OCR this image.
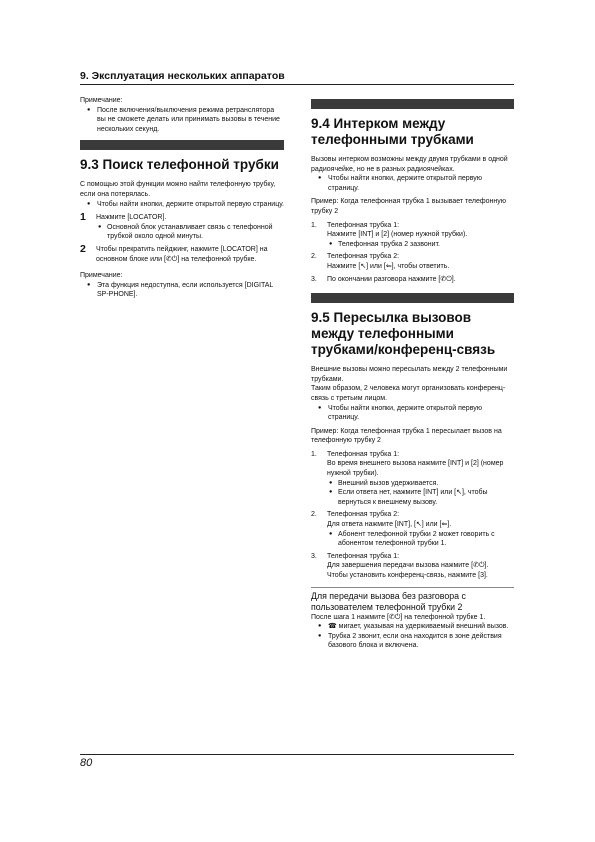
9. Эксплуатация нескольких аппаратов

Примечание:

● После включения/выключения режима ретранслятора вы не сможете делать или принимать вызовы в течение нескольких секунд.

9.3 Поиск телефонной трубки

С помощью этой функции можно найти телефонную трубку, если она потерялась.

● Чтобы найти кнопки, держите открытой первую страницу.

1 Нажмите [LOCATOR].

● Основной блок устанавливает связь с телефонной трубкой около одной минуты.

2 Чтобы прекратить пейджинг, нажмите [LOCATOR] на основном блоке или [✆⏻] на телефонной трубке.

Примечание:

● Эта функция недоступна, если используется [DIGITAL SP-PHONE].

9.4 Интерком между телефонными трубками

Вызовы интерком возможны между двумя трубками в одной радиоячейке, но не в разных радиоячейках.

● Чтобы найти кнопки, держите открытой первую страницу.

Пример: Когда телефонная трубка 1 вызывает телефонную трубку 2

1. Телефонная трубка 1:

Нажмите [INT] и [2] (номер нужной трубки).

● Телефонная трубка 2 зазвонит.

2. Телефонная трубка 2:

Нажмите [↖] или [⇐], чтобы ответить.

3. По окончании разговора нажмите [✆⏻].

9.5 Пересылка вызовов между телефонными трубками/конференц-связь

Внешние вызовы можно пересылать между 2 телефонными трубками.

Таким образом, 2 человека могут организовать конференц-связь с третьим лицом.

● Чтобы найти кнопки, держите открытой первую страницу.

Пример: Когда телефонная трубка 1 пересылает вызов на телефонную трубку 2

1. Телефонная трубка 1:

Во время внешнего вызова нажмите [INT] и [2] (номер нужной трубки).

● Внешний вызов удерживается.

● Если ответа нет, нажмите [INT] или [↖], чтобы вернуться к внешнему вызову.

2. Телефонная трубка 2:

Для ответа нажмите [INT], [↖] или [⇐].

● Абонент телефонной трубки 2 может говорить с абонентом телефонной трубки 1.

3. Телефонная трубка 1:

Для завершения передачи вызова нажмите [✆⏻].

Чтобы установить конференц-связь, нажмите [3].

Для передачи вызова без разговора с пользователем телефонной трубки 2

После шага 1 нажмите [✆⏻] на телефонной трубке 1.

● ☎ мигает, указывая на удерживаемый внешний вызов.

● Трубка 2 звонит, если она находится в зоне действия базового блока и включена.

80
